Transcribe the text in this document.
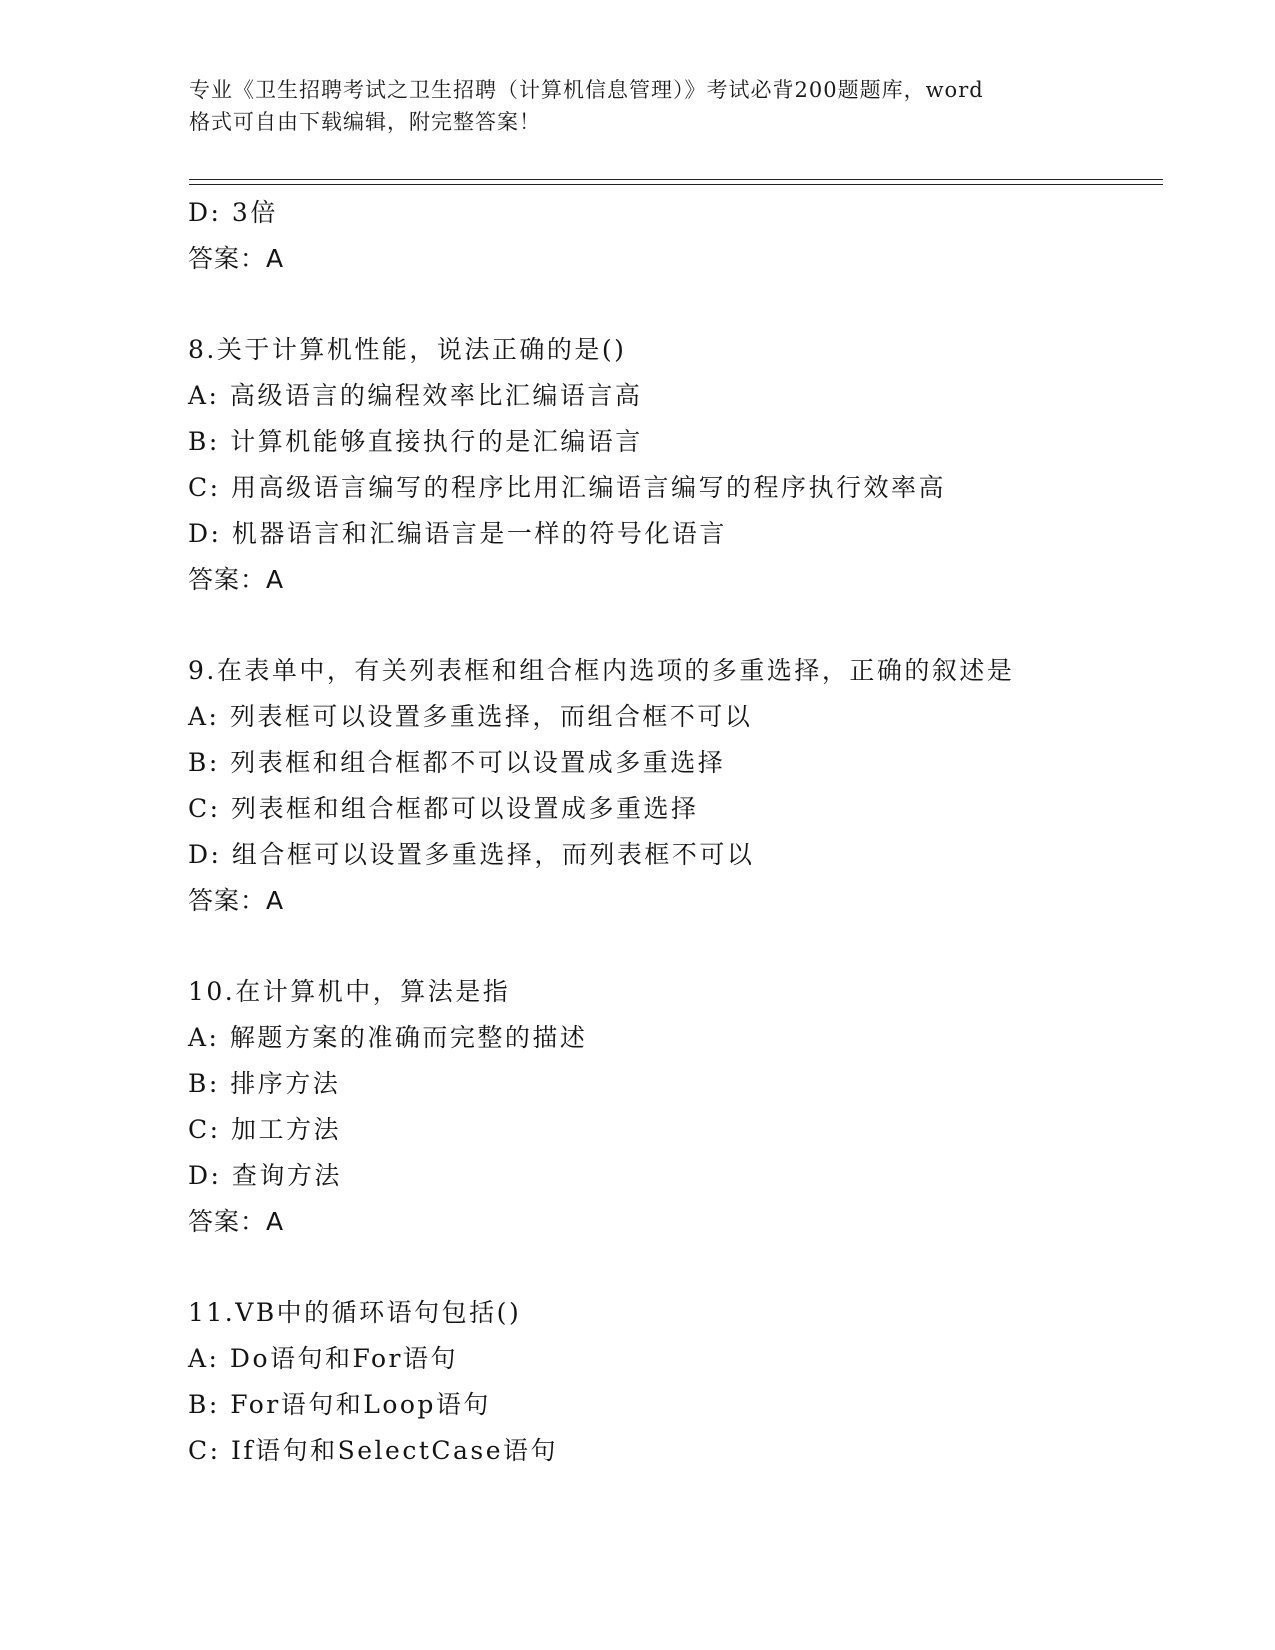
专业《卫生招聘考试之卫生招聘（计算机信息管理）》考试必背200题题库，word
格式可自由下载编辑，附完整答案！
D: 3倍
答案：A
8.关于计算机性能，说法正确的是()
A: 高级语言的编程效率比汇编语言高
B: 计算机能够直接执行的是汇编语言
C: 用高级语言编写的程序比用汇编语言编写的程序执行效率高
D: 机器语言和汇编语言是一样的符号化语言
答案：A
9.在表单中，有关列表框和组合框内选项的多重选择，正确的叙述是
A: 列表框可以设置多重选择，而组合框不可以
B: 列表框和组合框都不可以设置成多重选择
C: 列表框和组合框都可以设置成多重选择
D: 组合框可以设置多重选择，而列表框不可以
答案：A
10.在计算机中，算法是指
A: 解题方案的准确而完整的描述
B: 排序方法
C: 加工方法
D: 查询方法
答案：A
11.VB中的循环语句包括()
A: Do语句和For语句
B: For语句和Loop语句
C: If语句和SelectCase语句
